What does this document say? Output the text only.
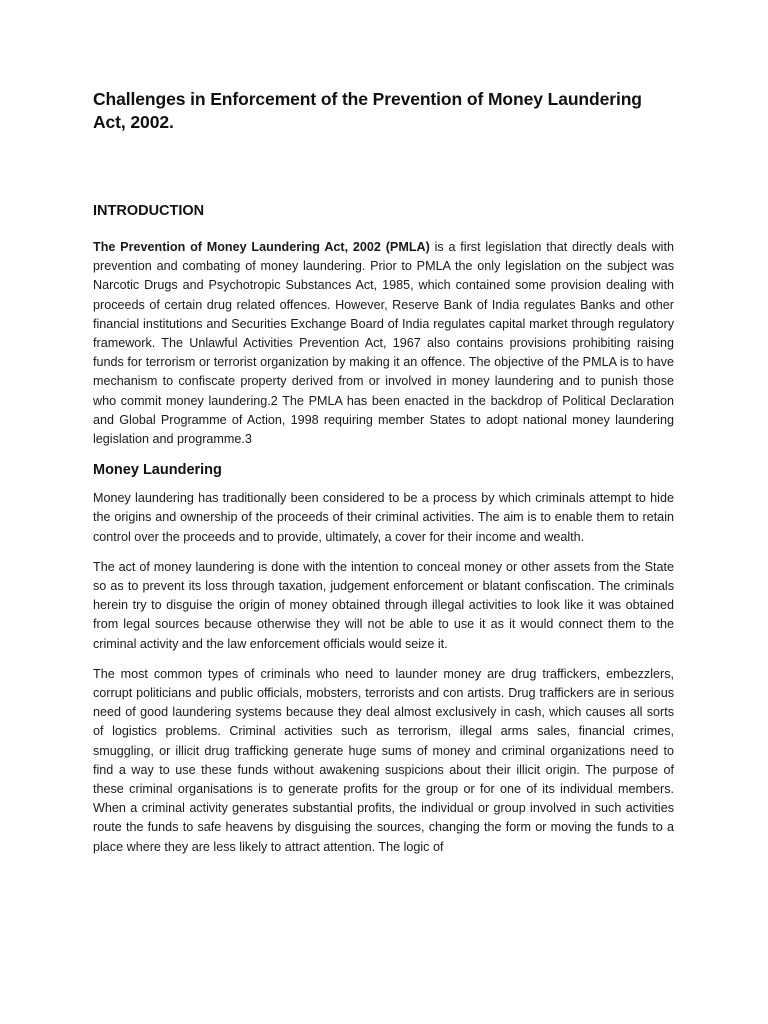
Challenges in Enforcement of the Prevention of Money Laundering Act, 2002.
INTRODUCTION

The Prevention of Money Laundering Act, 2002 (PMLA) is a first legislation that directly deals with prevention and combating of money laundering. Prior to PMLA the only legislation on the subject was Narcotic Drugs and Psychotropic Substances Act, 1985, which contained some provision dealing with proceeds of certain drug related offences. However, Reserve Bank of India regulates Banks and other financial institutions and Securities Exchange Board of India regulates capital market through regulatory framework. The Unlawful Activities Prevention Act, 1967 also contains provisions prohibiting raising funds for terrorism or terrorist organization by making it an offence. The objective of the PMLA is to have mechanism to confiscate property derived from or involved in money laundering and to punish those who commit money laundering.2 The PMLA has been enacted in the backdrop of Political Declaration and Global Programme of Action, 1998 requiring member States to adopt national money laundering legislation and programme.3

Money Laundering

Money laundering has traditionally been considered to be a process by which criminals attempt to hide the origins and ownership of the proceeds of their criminal activities. The aim is to enable them to retain control over the proceeds and to provide, ultimately, a cover for their income and wealth.

The act of money laundering is done with the intention to conceal money or other assets from the State so as to prevent its loss through taxation, judgement enforcement or blatant confiscation. The criminals herein try to disguise the origin of money obtained through illegal activities to look like it was obtained from legal sources because otherwise they will not be able to use it as it would connect them to the criminal activity and the law enforcement officials would seize it.

The most common types of criminals who need to launder money are drug traffickers, embezzlers, corrupt politicians and public officials, mobsters, terrorists and con artists. Drug traffickers are in serious need of good laundering systems because they deal almost exclusively in cash, which causes all sorts of logistics problems. Criminal activities such as terrorism, illegal arms sales, financial crimes, smuggling, or illicit drug trafficking generate huge sums of money and criminal organizations need to find a way to use these funds without awakening suspicions about their illicit origin. The purpose of these criminal organisations is to generate profits for the group or for one of its individual members. When a criminal activity generates substantial profits, the individual or group involved in such activities route the funds to safe heavens by disguising the sources, changing the form or moving the funds to a place where they are less likely to attract attention. The logic of
